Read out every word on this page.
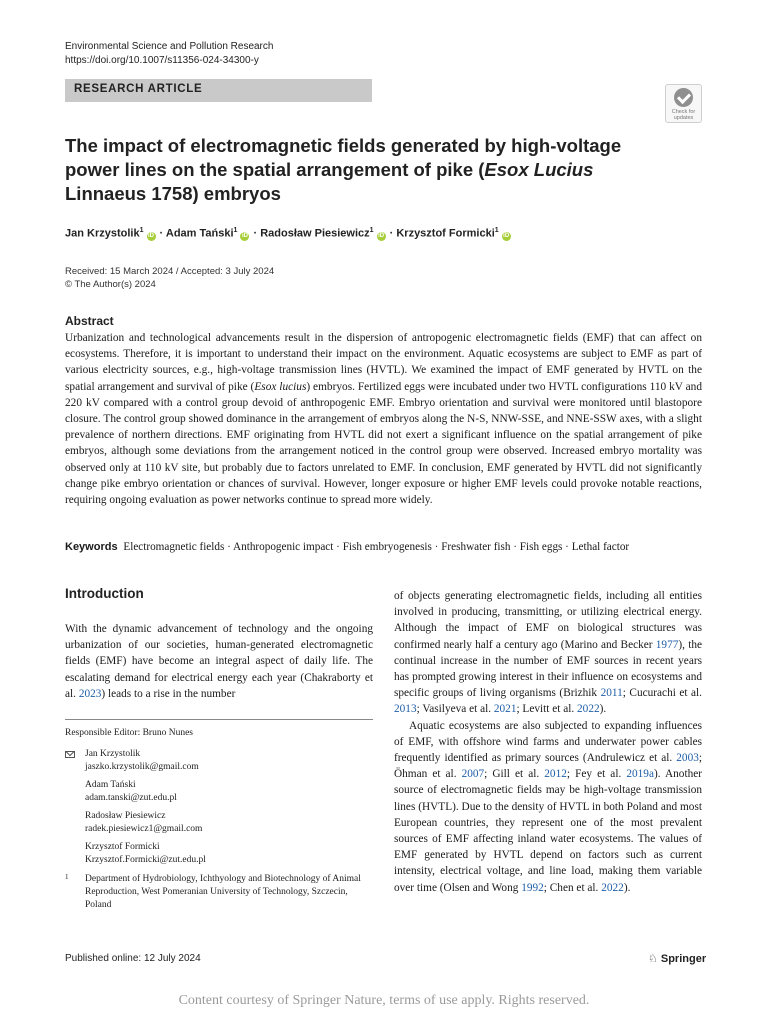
Environmental Science and Pollution Research
https://doi.org/10.1007/s11356-024-34300-y
RESEARCH ARTICLE
Check for updates
The impact of electromagnetic fields generated by high-voltage power lines on the spatial arrangement of pike (Esox Lucius Linnaeus 1758) embryos
Jan Krzystolik$^1$iD · Adam Tański$^1$iD · Radosław Piesiewicz$^1$iD · Krzysztof Formicki$^1$iD
Received: 15 March 2024 / Accepted: 3 July 2024
© The Author(s) 2024
Abstract
Urbanization and technological advancements result in the dispersion of antropogenic electromagnetic fields (EMF) that can affect on ecosystems. Therefore, it is important to understand their impact on the environment. Aquatic ecosystems are subject to EMF as part of various electricity sources, e.g., high-voltage transmission lines (HVTL). We examined the impact of EMF generated by HVTL on the spatial arrangement and survival of pike (Esox lucius) embryos. Fertilized eggs were incubated under two HVTL configurations 110 kV and 220 kV compared with a control group devoid of anthropogenic EMF. Embryo orientation and survival were monitored until blastopore closure. The control group showed dominance in the arrangement of embryos along the N-S, NNW-SSE, and NNE-SSW axes, with a slight prevalence of northern directions. EMF originating from HVTL did not exert a significant influence on the spatial arrangement of pike embryos, although some deviations from the arrangement noticed in the control group were observed. Increased embryo mortality was observed only at 110 kV site, but probably due to factors unrelated to EMF. In conclusion, EMF generated by HVTL did not significantly change pike embryo orientation or chances of survival. However, longer exposure or higher EMF levels could provoke notable reactions, requiring ongoing evaluation as power networks continue to spread more widely.
Keywords Electromagnetic fields · Anthropogenic impact · Fish embryogenesis · Freshwater fish · Fish eggs · Lethal factor
Introduction

With the dynamic advancement of technology and the ongoing urbanization of our societies, human-generated electromagnetic fields (EMF) have become an integral aspect of daily life. The escalating demand for electrical energy each year (Chakraborty et al. 2023) leads to a rise in the number

of objects generating electromagnetic fields, including all entities involved in producing, transmitting, or utilizing electrical energy. Although the impact of EMF on biological structures was confirmed nearly half a century ago (Marino and Becker 1977), the continual increase in the number of EMF sources in recent years has prompted growing interest in their influence on ecosystems and specific groups of living organisms (Brizhik 2011; Cucurachi et al. 2013; Vasilyeva et al. 2021; Levitt et al. 2022).

Aquatic ecosystems are also subjected to expanding influences of EMF, with offshore wind farms and underwater power cables frequently identified as primary sources (Andrulewicz et al. 2003; Öhman et al. 2007; Gill et al. 2012; Fey et al. 2019a). Another source of electromagnetic fields may be high-voltage transmission lines (HVTL). Due to the density of HVTL in both Poland and most European countries, they represent one of the most prevalent sources of EMF affecting inland water ecosystems. The values of EMF generated by HVTL depend on factors such as current intensity, electrical voltage, and line load, making them variable over time (Olsen and Wong 1992; Chen et al. 2022).

Responsible Editor: Bruno Nunes
Jan Krzystolik
jaszko.krzystolik@gmail.com
Adam Tański
adam.tanski@zut.edu.pl
Radosław Piesiewicz
radek.piesiewicz1@gmail.com
Krzysztof Formicki
Krzysztof.Formicki@zut.edu.pl
1 Department of Hydrobiology, Ichthyology and Biotechnology of Animal Reproduction, West Pomeranian University of Technology, Szczecin, Poland
Published online: 12 July 2024	♘ Springer
Content courtesy of Springer Nature, terms of use apply. Rights reserved.
